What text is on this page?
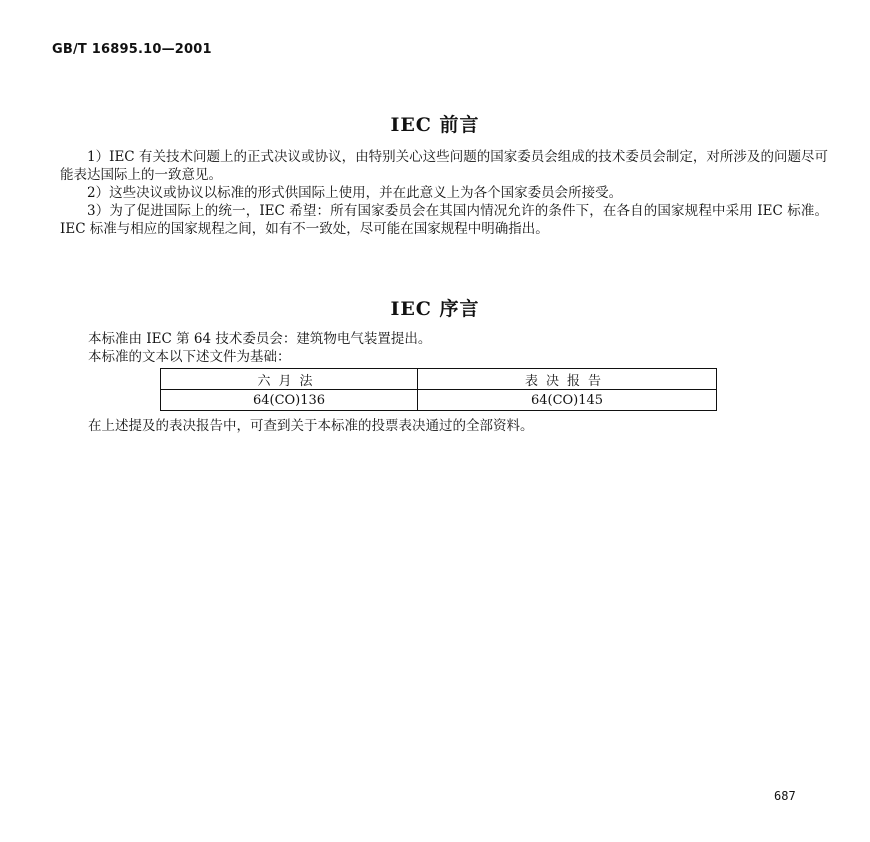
GB/T 16895.10—2001
IEC 前言

1）IEC 有关技术问题上的正式决议或协议，由特别关心这些问题的国家委员会组成的技术委员会制定，对所涉及的问题尽可能表达国际上的一致意见。

2）这些决议或协议以标准的形式供国际上使用，并在此意义上为各个国家委员会所接受。

3）为了促进国际上的统一，IEC 希望：所有国家委员会在其国内情况允许的条件下，在各自的国家规程中采用 IEC 标准。IEC 标准与相应的国家规程之间，如有不一致处，尽可能在国家规程中明确指出。

IEC 序言
本标准由 IEC 第 64 技术委员会：建筑物电气装置提出。
本标准的文本以下述文件为基础：
六月法	表决报告
64(CO)136	64(CO)145
在上述提及的表决报告中，可查到关于本标准的投票表决通过的全部资料。
687
